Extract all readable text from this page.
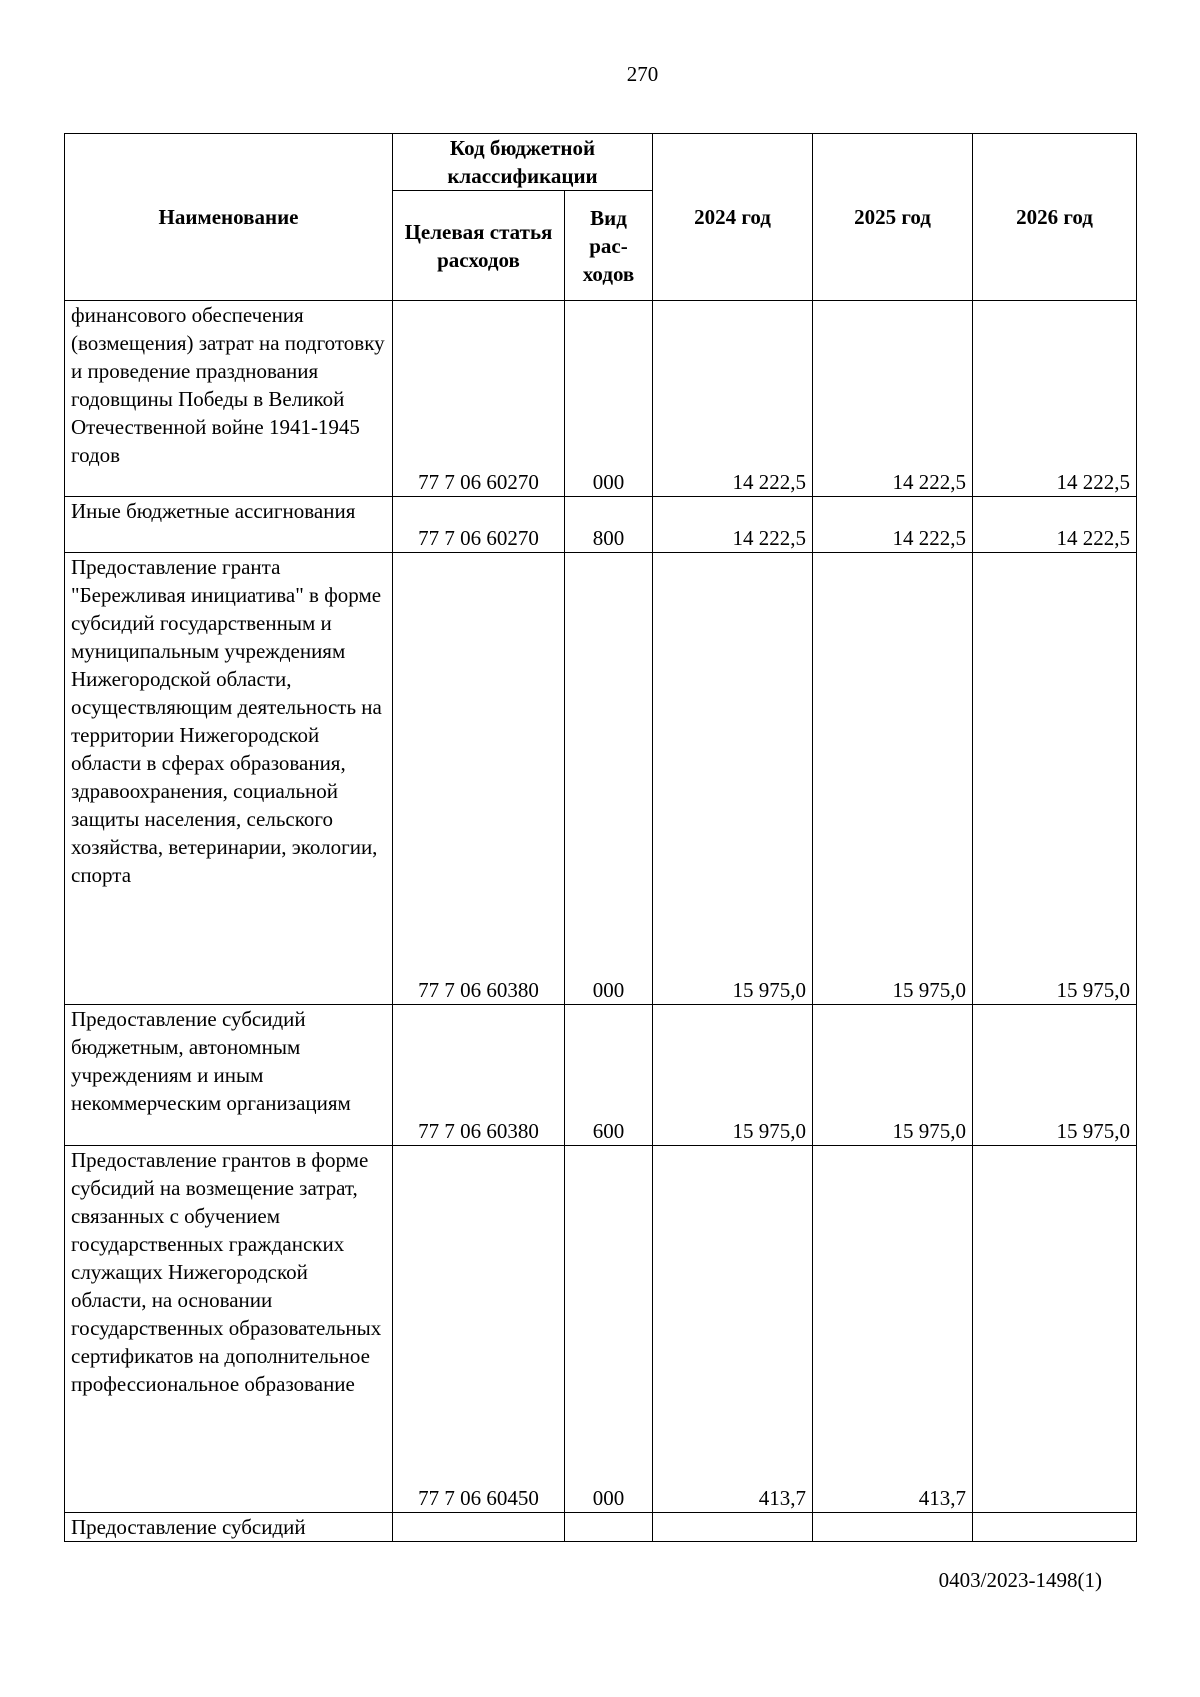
270
Наименование	Код бюджетной классификации		2024 год	2025 год	2026 год
	Целевая статья расходов	Вид рас-ходов			
финансового обеспечения (возмещения) затрат на подготовку и проведение празднования годовщины Победы в Великой Отечественной войне 1941-1945 годов	77 7 06 60270	000	14 222,5	14 222,5	14 222,5
Иные бюджетные ассигнования	77 7 06 60270	800	14 222,5	14 222,5	14 222,5
Предоставление гранта "Бережливая инициатива" в форме субсидий государственным и муниципальным учреждениям Нижегородской области, осуществляющим деятельность на территории Нижегородской области в сферах образования, здравоохранения, социальной защиты населения, сельского хозяйства, ветеринарии, экологии, спорта	77 7 06 60380	000	15 975,0	15 975,0	15 975,0
Предоставление субсидий бюджетным, автономным учреждениям и иным некоммерческим организациям	77 7 06 60380	600	15 975,0	15 975,0	15 975,0
Предоставление грантов в форме субсидий на возмещение затрат, связанных с обучением государственных гражданских служащих Нижегородской области, на основании государственных образовательных сертификатов на дополнительное профессиональное образование	77 7 06 60450	000	413,7	413,7	
Предоставление субсидий					
0403/2023-1498(1)
